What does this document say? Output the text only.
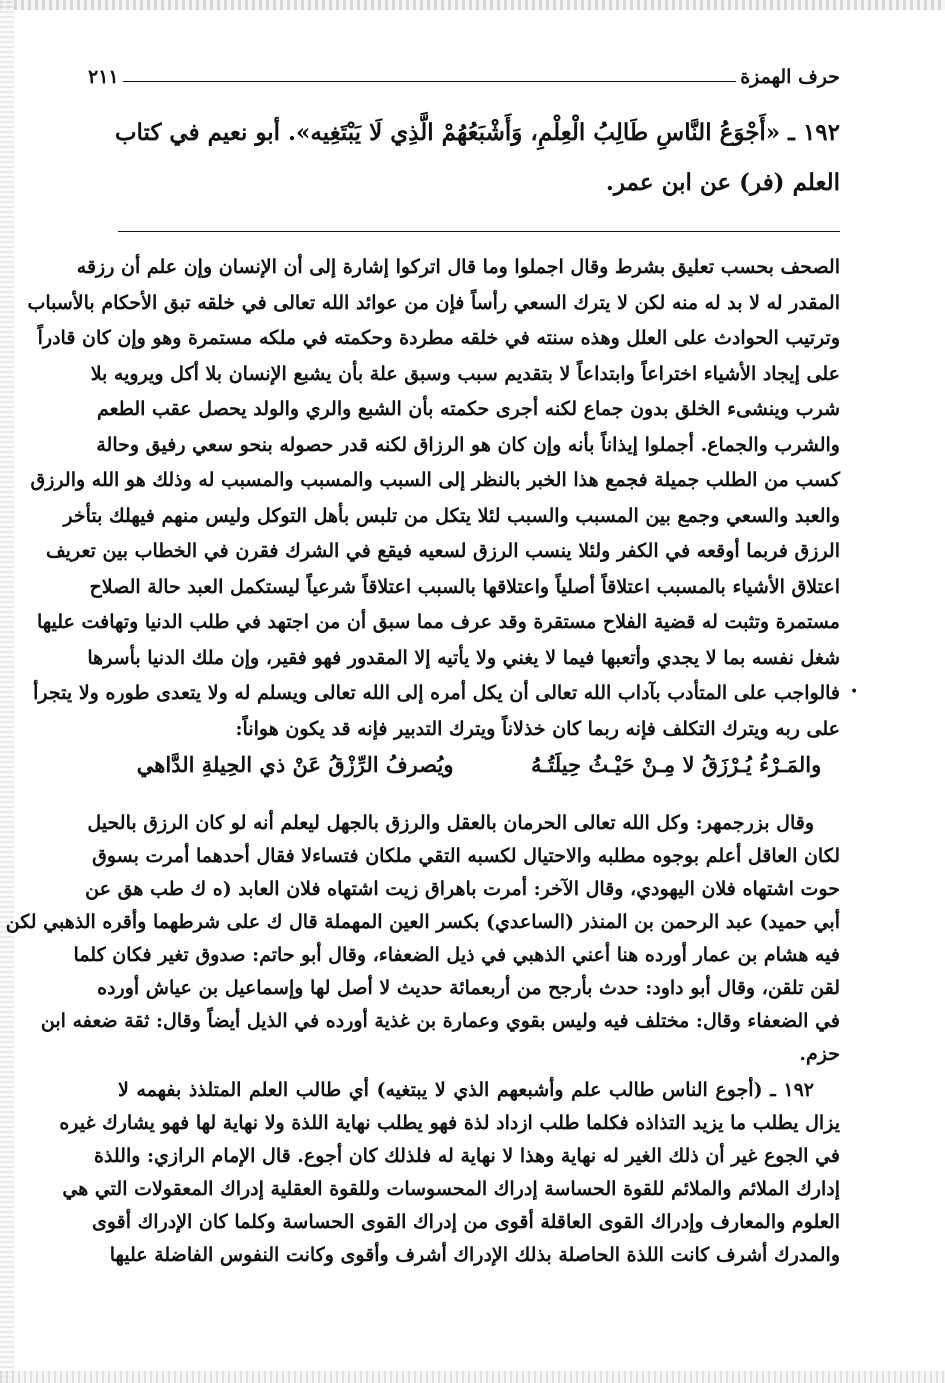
حرف الهمزة
٢١١
١٩٢ ـ «أَجْوَعُ النَّاسِ طَالِبُ الْعِلْمِ، وَأَشْبَعُهُمْ الَّذِي لَا يَبْتَغِيه». أبو نعيم في كتاب
العلم (فر) عن ابن عمر.
الصحف بحسب تعليق بشرط وقال اجملوا وما قال اتركوا إشارة إلى أن الإنسان وإن علم أن رزقه
المقدر له لا بد له منه لكن لا يترك السعي رأساً فإن من عوائد الله تعالى في خلقه تبق الأحكام بالأسباب
وترتيب الحوادث على العلل وهذه سنته في خلقه مطردة وحكمته في ملكه مستمرة وهو وإن كان قادراً
على إيجاد الأشياء اختراعاً وابتداعاً لا بتقديم سبب وسبق علة بأن يشبع الإنسان بلا أكل ويرويه بلا
شرب وينشىء الخلق بدون جماع لكنه أجرى حكمته بأن الشبع والري والولد يحصل عقب الطعم
والشرب والجماع. أجملوا إيذاناً بأنه وإن كان هو الرزاق لكنه قدر حصوله بنحو سعي رفيق وحالة
كسب من الطلب جميلة فجمع هذا الخبر بالنظر إلى السبب والمسبب والمسبب له وذلك هو الله والرزق
والعبد والسعي وجمع بين المسبب والسبب لئلا يتكل من تلبس بأهل التوكل وليس منهم فيهلك بتأخر
الرزق فربما أوقعه في الكفر ولئلا ينسب الرزق لسعيه فيقع في الشرك فقرن في الخطاب بين تعريف
اعتلاق الأشياء بالمسبب اعتلاقاً أصلياً واعتلاقها بالسبب اعتلاقاً شرعياً ليستكمل العبد حالة الصلاح
مستمرة وتثبت له قضية الفلاح مستقرة وقد عرف مما سبق أن من اجتهد في طلب الدنيا وتهافت عليها
شغل نفسه بما لا يجدي وأتعبها فيما لا يغني ولا يأتيه إلا المقدور فهو فقير، وإن ملك الدنيا بأسرها
فالواجب على المتأدب بآداب الله تعالى أن يكل أمره إلى الله تعالى ويسلم له ولا يتعدى طوره ولا يتجرأ
على ربه ويترك التكلف فإنه ربما كان خذلاناً ويترك التدبير فإنه قد يكون هواناً:
•
والمَـرْءُ يُـرْزَقُ لا مِـنْ حَيْـثُ حِيلَتُـهُ
ويُصرفُ الرِّزْقُ عَنْ ذي الحِيلةِ الدَّاهي
وقال بزرجمهر: وكل الله تعالى الحرمان بالعقل والرزق بالجهل ليعلم أنه لو كان الرزق بالحيل
لكان العاقل أعلم بوجوه مطلبه والاحتيال لكسبه التقي ملكان فتساءلا فقال أحدهما أمرت بسوق
حوت اشتهاه فلان اليهودي، وقال الآخر: أمرت باهراق زيت اشتهاه فلان العابد (ه ك طب هق عن
أبي حميد) عبد الرحمن بن المنذر (الساعدي) بكسر العين المهملة قال ك على شرطهما وأقره الذهبي لكن
فيه هشام بن عمار أورده هنا أعني الذهبي في ذيل الضعفاء، وقال أبو حاتم: صدوق تغير فكان كلما
لقن تلقن، وقال أبو داود: حدث بأرجح من أربعمائة حديث لا أصل لها وإسماعيل بن عياش أورده
في الضعفاء وقال: مختلف فيه وليس بقوي وعمارة بن غذية أورده في الذيل أيضاً وقال: ثقة ضعفه ابن
حزم.
١٩٢ ـ (أجوع الناس طالب علم وأشبعهم الذي لا يبتغيه) أي طالب العلم المتلذذ بفهمه لا
يزال يطلب ما يزيد التذاذه فكلما طلب ازداد لذة فهو يطلب نهاية اللذة ولا نهاية لها فهو يشارك غيره
في الجوع غير أن ذلك الغير له نهاية وهذا لا نهاية له فلذلك كان أجوع. قال الإمام الرازي: واللذة
إدارك الملائم والملائم للقوة الحساسة إدراك المحسوسات وللقوة العقلية إدراك المعقولات التي هي
العلوم والمعارف وإدراك القوى العاقلة أقوى من إدراك القوى الحساسة وكلما كان الإدراك أقوى
والمدرك أشرف كانت اللذة الحاصلة بذلك الإدراك أشرف وأقوى وكانت النفوس الفاضلة عليها
